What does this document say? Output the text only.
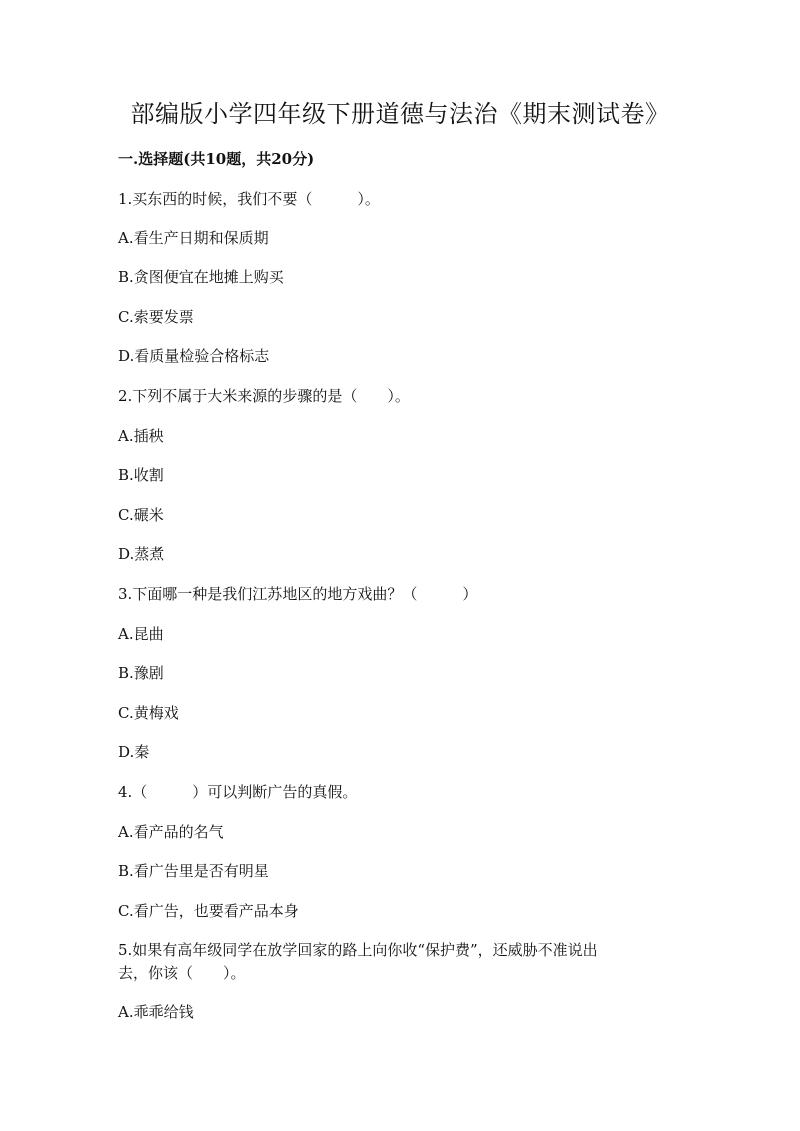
部编版小学四年级下册道德与法治《期末测试卷》
一.选择题(共10题，共20分)
1.买东西的时候，我们不要（　　　）。
A.看生产日期和保质期
B.贪图便宜在地摊上购买
C.索要发票
D.看质量检验合格标志
2.下列不属于大米来源的步骤的是（　　）。
A.插秧
B.收割
C.碾米
D.蒸煮
3.下面哪一种是我们江苏地区的地方戏曲？（　　　）
A.昆曲
B.豫剧
C.黄梅戏
D.秦
4.（　　　）可以判断广告的真假。
A.看产品的名气
B.看广告里是否有明星
C.看广告，也要看产品本身
5.如果有高年级同学在放学回家的路上向你收“保护费”，还威胁不准说出
去，你该（　　）。
A.乖乖给钱
